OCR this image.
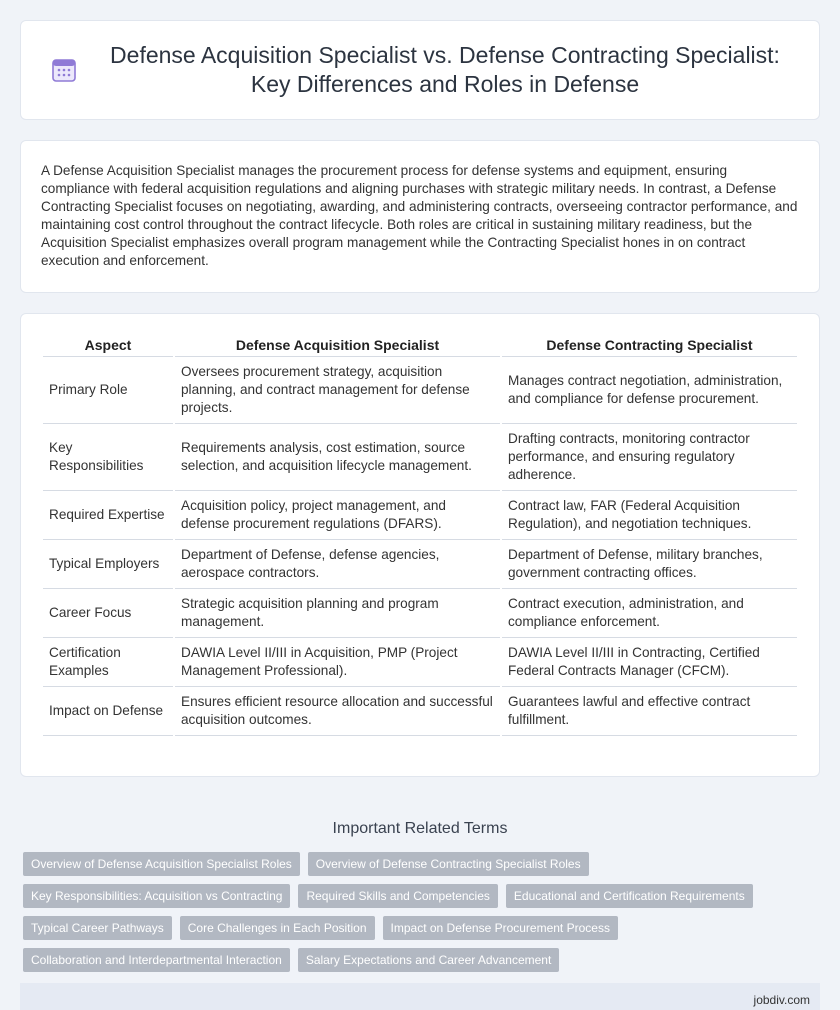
Defense Acquisition Specialist vs. Defense Contracting Specialist: Key Differences and Roles in Defense

A Defense Acquisition Specialist manages the procurement process for defense systems and equipment, ensuring compliance with federal acquisition regulations and aligning purchases with strategic military needs. In contrast, a Defense Contracting Specialist focuses on negotiating, awarding, and administering contracts, overseeing contractor performance, and maintaining cost control throughout the contract lifecycle. Both roles are critical in sustaining military readiness, but the Acquisition Specialist emphasizes overall program management while the Contracting Specialist hones in on contract execution and enforcement.

Aspect	Defense Acquisition Specialist	Defense Contracting Specialist
Primary Role	Oversees procurement strategy, acquisition planning, and contract management for defense projects.	Manages contract negotiation, administration, and compliance for defense procurement.
Key Responsibilities	Requirements analysis, cost estimation, source selection, and acquisition lifecycle management.	Drafting contracts, monitoring contractor performance, and ensuring regulatory adherence.
Required Expertise	Acquisition policy, project management, and defense procurement regulations (DFARS).	Contract law, FAR (Federal Acquisition Regulation), and negotiation techniques.
Typical Employers	Department of Defense, defense agencies, aerospace contractors.	Department of Defense, military branches, government contracting offices.
Career Focus	Strategic acquisition planning and program management.	Contract execution, administration, and compliance enforcement.
Certification Examples	DAWIA Level II/III in Acquisition, PMP (Project Management Professional).	DAWIA Level II/III in Contracting, Certified Federal Contracts Manager (CFCM).
Impact on Defense	Ensures efficient resource allocation and successful acquisition outcomes.	Guarantees lawful and effective contract fulfillment.
Important Related Terms
Overview of Defense Acquisition Specialist Roles	Overview of Defense Contracting Specialist Roles
Key Responsibilities: Acquisition vs Contracting	Required Skills and Competencies	Educational and Certification Requirements
Typical Career Pathways	Core Challenges in Each Position	Impact on Defense Procurement Process
Collaboration and Interdepartmental Interaction	Salary Expectations and Career Advancement
jobdiv.com
